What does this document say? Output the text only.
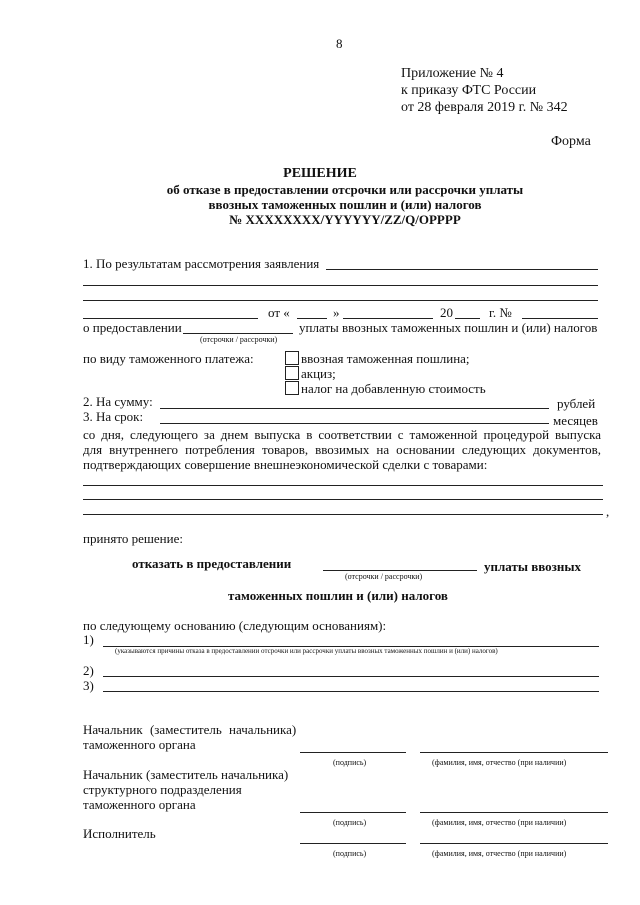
8
Приложение № 4
к приказу ФТС России
от 28 февраля 2019 г. № 342
Форма
РЕШЕНИЕ
об отказе в предоставлении отсрочки или рассрочки уплаты
ввозных таможенных пошлин и (или) налогов
№ XXXXXXXX/YYYYYY/ZZ/Q/OPPPP
1. По результатам рассмотрения заявления
от «	»	20	г. №
о предоставлении
(отсрочки / рассрочки)
уплаты ввозных таможенных пошлин и (или) налогов
по виду таможенного платежа:	ввозная таможенная пошлина;
акциз;
налог на добавленную стоимость
2. На сумму:	рублей
3. На срок:	месяцев
со дня, следующего за днем выпуска в соответствии с таможенной процедурой выпуска
для внутреннего потребления товаров, ввозимых на основании следующих документов,
подтверждающих совершение внешнеэкономической сделки с товарами:
,
принято решение:
отказать в предоставлении
(отсрочки / рассрочки)
уплаты ввозных
таможенных пошлин и (или) налогов
по следующему основанию (следующим основаниям):
1)
(указываются причины отказа в предоставлении отсрочки или рассрочки уплаты ввозных таможенных пошлин и (или) налогов)
2)
3)
Начальник (заместитель начальника)
таможенного органа
(подпись)	(фамилия, имя, отчество (при наличии)
Начальник (заместитель начальника)
структурного подразделения
таможенного органа
(подпись)	(фамилия, имя, отчество (при наличии)
Исполнитель
(подпись)	(фамилия, имя, отчество (при наличии)
